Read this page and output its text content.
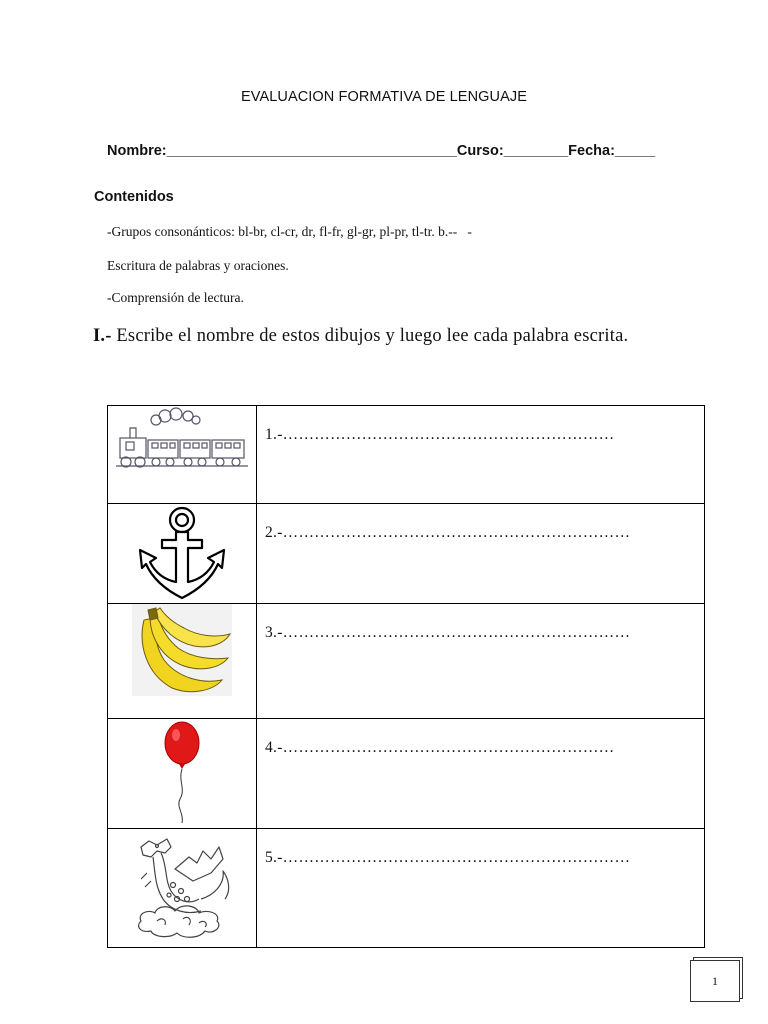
EVALUACION FORMATIVA DE LENGUAJE
Nombre:____________________________________Curso:________Fecha:_____
Contenidos
-Grupos consonánticos: bl-br, cl-cr, dr, fl-fr, gl-gr, pl-pr, tl-tr. b.--   -
Escritura de palabras y oraciones.
-Comprensión de lectura.
I.- Escribe el nombre de estos dibujos y luego lee cada palabra escrita.

1.-………………………………………………………

2.-…………………………………………………………

3.-…………………………………………………………

4.-………………………………………………………

5.-…………………………………………………………
1
